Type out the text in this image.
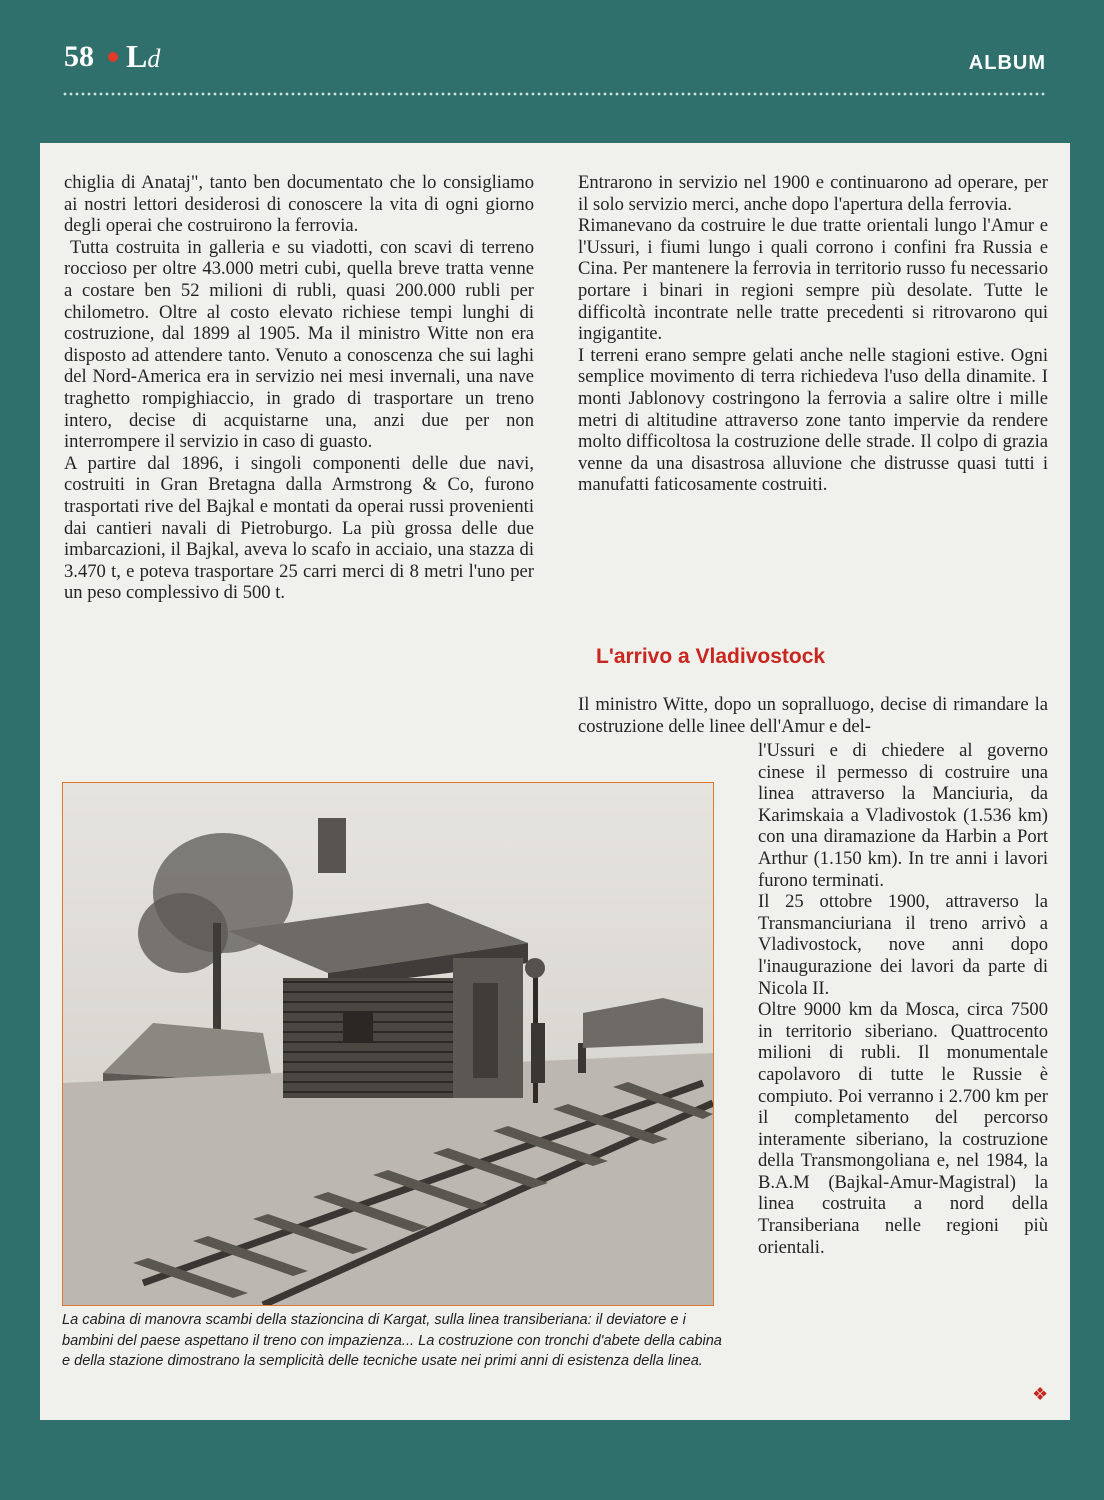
58 Ld	ALBUM

chiglia di Anataj", tanto ben documentato che lo consigliamo ai nostri lettori desiderosi di conoscere la vita di ogni giorno degli operai che costruirono la ferrovia.

Tutta costruita in galleria e su viadotti, con scavi di terreno roccioso per oltre 43.000 metri cubi, quella breve tratta venne a costare ben 52 milioni di rubli, quasi 200.000 rubli per chilometro. Oltre al costo elevato richiese tempi lunghi di costruzione, dal 1899 al 1905. Ma il ministro Witte non era disposto ad attendere tanto. Venuto a conoscenza che sui laghi del Nord-America era in servizio nei mesi invernali, una nave traghetto rompighiaccio, in grado di trasportare un treno intero, decise di acquistarne una, anzi due per non interrompere il servizio in caso di guasto.

A partire dal 1896, i singoli componenti delle due navi, costruiti in Gran Bretagna dalla Armstrong & Co, furono trasportati rive del Bajkal e montati da operai russi provenienti dai cantieri navali di Pietroburgo. La più grossa delle due imbarcazioni, il Bajkal, aveva lo scafo in acciaio, una stazza di 3.470 t, e poteva trasportare 25 carri merci di 8 metri l'uno per un peso complessivo di 500 t.

Entrarono in servizio nel 1900 e continuarono ad operare, per il solo servizio merci, anche dopo l'apertura della ferrovia.

Rimanevano da costruire le due tratte orientali lungo l'Amur e l'Ussuri, i fiumi lungo i quali corrono i confini fra Russia e Cina. Per mantenere la ferrovia in territorio russo fu necessario portare i binari in regioni sempre più desolate. Tutte le difficoltà incontrate nelle tratte precedenti si ritrovarono qui ingigantite.

I terreni erano sempre gelati anche nelle stagioni estive. Ogni semplice movimento di terra richiedeva l'uso della dinamite. I monti Jablonovy costringono la ferrovia a salire oltre i mille metri di altitudine attraverso zone tanto impervie da rendere molto difficoltosa la costruzione delle strade. Il colpo di grazia venne da una disastrosa alluvione che distrusse quasi tutti i manufatti faticosamente costruiti.

L'arrivo a Vladivostock

Il ministro Witte, dopo un sopralluogo, decise di rimandare la costruzione delle linee dell'Amur e del-

l'Ussuri e di chiedere al governo cinese il permesso di costruire una linea attraverso la Manciuria, da Karimskaia a Vladivostok (1.536 km) con una diramazione da Harbin a Port Arthur (1.150 km). In tre anni i lavori furono terminati.

Il 25 ottobre 1900, attraverso la Transmanciuriana il treno arrivò a Vladivostock, nove anni dopo l'inaugurazione dei lavori da parte di Nicola II.

Oltre 9000 km da Mosca, circa 7500 in territorio siberiano. Quattrocento milioni di rubli. Il monumentale capolavoro di tutte le Russie è compiuto. Poi verranno i 2.700 km per il completamento del percorso interamente siberiano, la costruzione della Transmongoliana e, nel 1984, la B.A.M (Bajkal-Amur-Magistral) la linea costruita a nord della Transiberiana nelle regioni più orientali.

La cabina di manovra scambi della stazioncina di Kargat, sulla linea transiberiana: il deviatore e i bambini del paese aspettano il treno con impazienza... La costruzione con tronchi d'abete della cabina e della stazione dimostrano la semplicità delle tecniche usate nei primi anni di esistenza della linea.
❖
